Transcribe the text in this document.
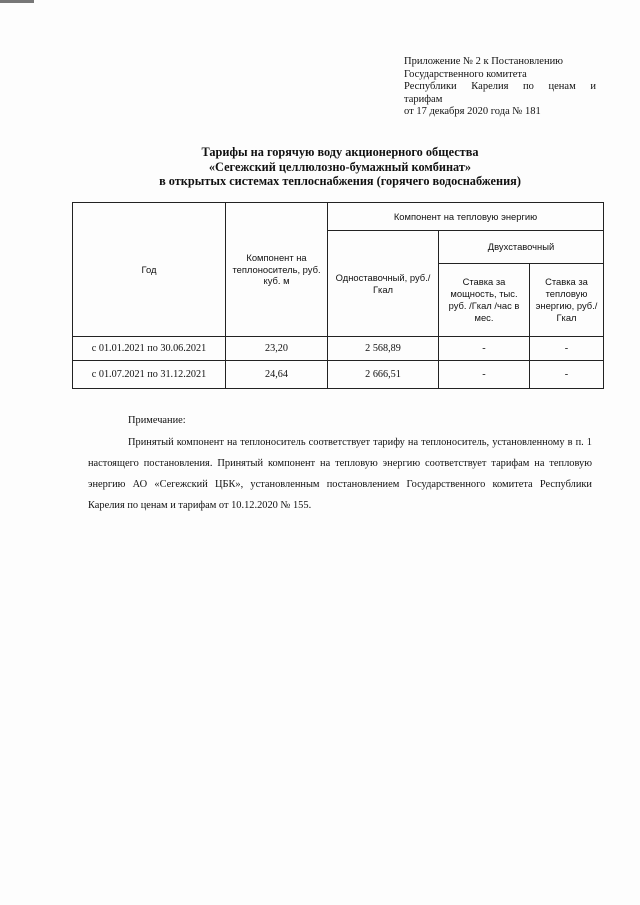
Приложение № 2 к Постановлению
Государственного комитета
Республики Карелия по ценам и
тарифам
от 17 декабря 2020 года № 181
Тарифы на горячую воду акционерного общества
«Сегежский целлюлозно-бумажный комбинат»
в открытых системах теплоснабжения (горячего водоснабжения)
Год	Компонент на теплоноситель, руб. куб. м	Компонент на тепловую энергию		
		Одноставочный, руб./Гкал	Двухставочный	
			Ставка за мощность, тыс. руб. /Гкал /час в мес.	Ставка за тепловую энергию, руб./Гкал
с 01.01.2021 по 30.06.2021	23,20	2 568,89	-	-
с 01.07.2021 по 31.12.2021	24,64	2 666,51	-	-
Примечание:
Принятый компонент на теплоноситель соответствует тарифу на теплоноситель, установленному в п. 1 настоящего постановления. Принятый компонент на тепловую энергию соответствует тарифам на тепловую энергию АО «Сегежский ЦБК», установленным постановлением Государственного комитета Республики Карелия по ценам и тарифам от 10.12.2020 № 155.
